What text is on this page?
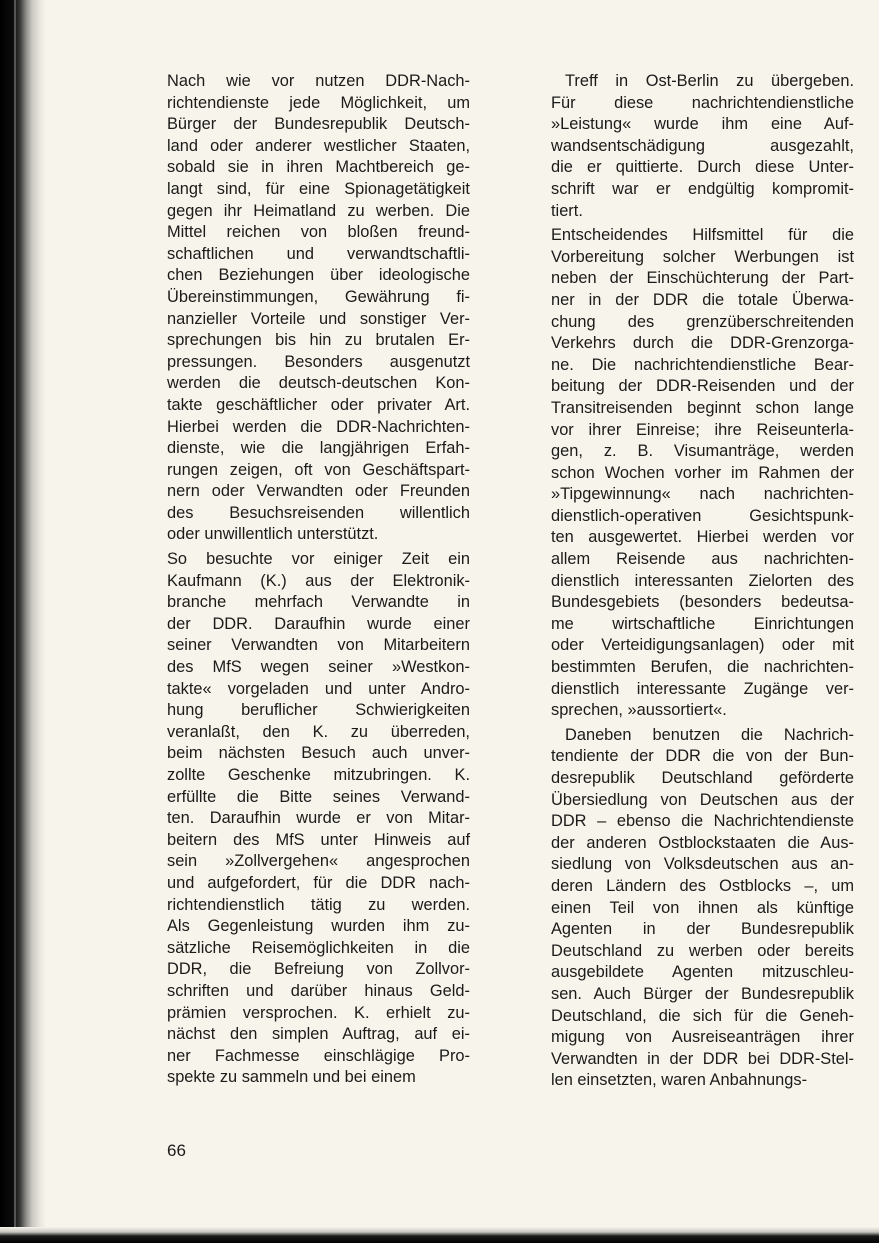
Nach wie vor nutzen DDR-Nach-

richtendienste jede Möglichkeit, um

Bürger der Bundesrepublik Deutsch-

land oder anderer westlicher Staaten,

sobald sie in ihren Machtbereich ge-

langt sind, für eine Spionagetätigkeit

gegen ihr Heimatland zu werben. Die

Mittel reichen von bloßen freund-

schaftlichen und verwandtschaftli-

chen Beziehungen über ideologische

Übereinstimmungen, Gewährung fi-

nanzieller Vorteile und sonstiger Ver-

sprechungen bis hin zu brutalen Er-

pressungen. Besonders ausgenutzt

werden die deutsch-deutschen Kon-

takte geschäftlicher oder privater Art.

Hierbei werden die DDR-Nachrichten-

dienste, wie die langjährigen Erfah-

rungen zeigen, oft von Geschäftspart-

nern oder Verwandten oder Freunden

des Besuchsreisenden willentlich

oder unwillentlich unterstützt.

So besuchte vor einiger Zeit ein

Kaufmann (K.) aus der Elektronik-

branche mehrfach Verwandte in

der DDR. Daraufhin wurde einer

seiner Verwandten von Mitarbeitern

des MfS wegen seiner »Westkon-

takte« vorgeladen und unter Andro-

hung beruflicher Schwierigkeiten

veranlaßt, den K. zu überreden,

beim nächsten Besuch auch unver-

zollte Geschenke mitzubringen. K.

erfüllte die Bitte seines Verwand-

ten. Daraufhin wurde er von Mitar-

beitern des MfS unter Hinweis auf

sein »Zollvergehen« angesprochen

und aufgefordert, für die DDR nach-

richtendienstlich tätig zu werden.

Als Gegenleistung wurden ihm zu-

sätzliche Reisemöglichkeiten in die

DDR, die Befreiung von Zollvor-

schriften und darüber hinaus Geld-

prämien versprochen. K. erhielt zu-

nächst den simplen Auftrag, auf ei-

ner Fachmesse einschlägige Pro-

spekte zu sammeln und bei einem

Treff in Ost-Berlin zu übergeben.

Für diese nachrichtendienstliche

»Leistung« wurde ihm eine Auf-

wandsentschädigung ausgezahlt,

die er quittierte. Durch diese Unter-

schrift war er endgültig kompromit-

tiert.

Entscheidendes Hilfsmittel für die

Vorbereitung solcher Werbungen ist

neben der Einschüchterung der Part-

ner in der DDR die totale Überwa-

chung des grenzüberschreitenden

Verkehrs durch die DDR-Grenzorga-

ne. Die nachrichtendienstliche Bear-

beitung der DDR-Reisenden und der

Transitreisenden beginnt schon lange

vor ihrer Einreise; ihre Reiseunterla-

gen, z. B. Visumanträge, werden

schon Wochen vorher im Rahmen der

»Tipgewinnung« nach nachrichten-

dienstlich-operativen Gesichtspunk-

ten ausgewertet. Hierbei werden vor

allem Reisende aus nachrichten-

dienstlich interessanten Zielorten des

Bundesgebiets (besonders bedeutsa-

me wirtschaftliche Einrichtungen

oder Verteidigungsanlagen) oder mit

bestimmten Berufen, die nachrichten-

dienstlich interessante Zugänge ver-

sprechen, »aussortiert«.

Daneben benutzen die Nachrich-

tendiente der DDR die von der Bun-

desrepublik Deutschland geförderte

Übersiedlung von Deutschen aus der

DDR – ebenso die Nachrichtendienste

der anderen Ostblockstaaten die Aus-

siedlung von Volksdeutschen aus an-

deren Ländern des Ostblocks –, um

einen Teil von ihnen als künftige

Agenten in der Bundesrepublik

Deutschland zu werben oder bereits

ausgebildete Agenten mitzuschleu-

sen. Auch Bürger der Bundesrepublik

Deutschland, die sich für die Geneh-

migung von Ausreiseanträgen ihrer

Verwandten in der DDR bei DDR-Stel-

len einsetzten, waren Anbahnungs-

66
